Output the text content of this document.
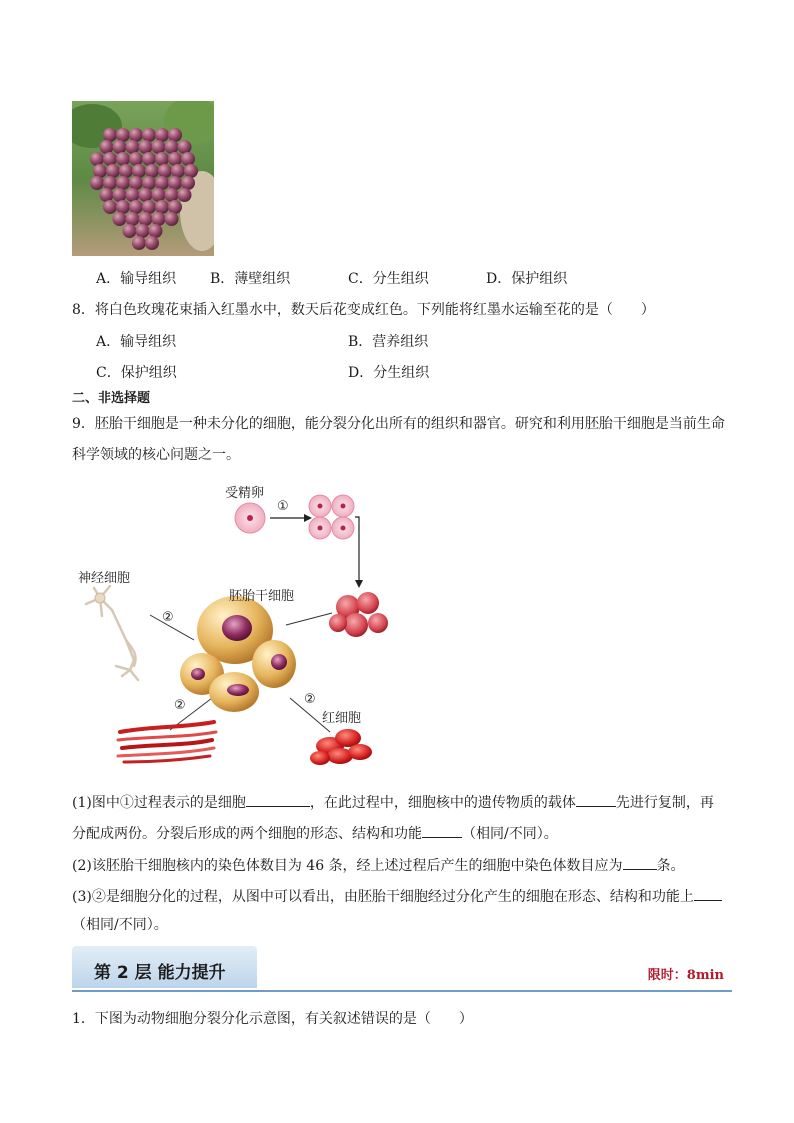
A．输导组织 B．薄壁组织	C．分生组织	D．保护组织
8．将白色玫瑰花束插入红墨水中，数天后花变成红色。下列能将红墨水运输至花的是（　　）
A．输导组织	B．营养组织
C．保护组织	D．分生组织
二、非选择题
9．胚胎干细胞是一种未分化的细胞，能分裂分化出所有的组织和器官。研究和利用胚胎干细胞是当前生命
科学领域的核心问题之一。
受精卵
①
神经细胞
胚胎干细胞
②
②	②
红细胞
(1)图中①过程表示的是细胞	，在此过程中，细胞核中的遗传物质的载体	先进行复制，再
分配成两份。分裂后形成的两个细胞的形态、结构和功能	（相同/不同）。
(2)该胚胎干细胞核内的染色体数目为 46 条，经上述过程后产生的细胞中染色体数目应为 条。
(3)②是细胞分化的过程，从图中可以看出，由胚胎干细胞经过分化产生的细胞在形态、结构和功能上
（相同/不同）。
第 2 层 能力提升	限时：8min
1．下图为动物细胞分裂分化示意图，有关叙述错误的是（　　）
